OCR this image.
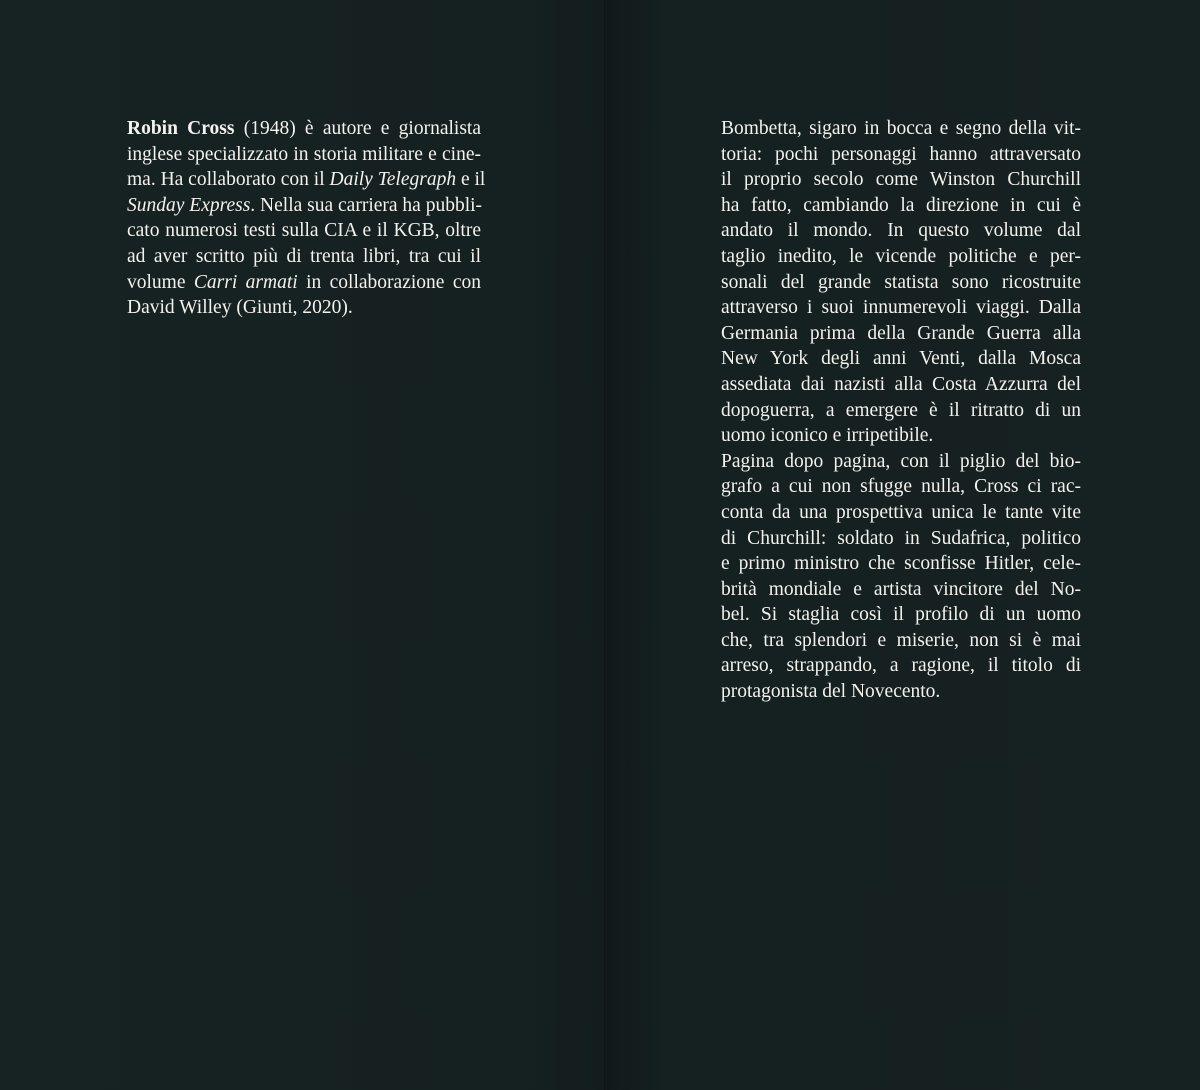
Robin Cross (1948) è autore e giornalista
inglese specializzato in storia militare e cine-
ma. Ha collaborato con il Daily Telegraph e il
Sunday Express. Nella sua carriera ha pubbli-
cato numerosi testi sulla CIA e il KGB, oltre
ad aver scritto più di trenta libri, tra cui il
volume Carri armati in collaborazione con
David Willey (Giunti, 2020).
Bombetta, sigaro in bocca e segno della vit-
toria: pochi personaggi hanno attraversato
il proprio secolo come Winston Churchill
ha fatto, cambiando la direzione in cui è
andato il mondo. In questo volume dal
taglio inedito, le vicende politiche e per-
sonali del grande statista sono ricostruite
attraverso i suoi innumerevoli viaggi. Dalla
Germania prima della Grande Guerra alla
New York degli anni Venti, dalla Mosca
assediata dai nazisti alla Costa Azzurra del
dopoguerra, a emergere è il ritratto di un
uomo iconico e irripetibile.
Pagina dopo pagina, con il piglio del bio-
grafo a cui non sfugge nulla, Cross ci rac-
conta da una prospettiva unica le tante vite
di Churchill: soldato in Sudafrica, politico
e primo ministro che sconfisse Hitler, cele-
brità mondiale e artista vincitore del No-
bel. Si staglia così il profilo di un uomo
che, tra splendori e miserie, non si è mai
arreso, strappando, a ragione, il titolo di
protagonista del Novecento.
